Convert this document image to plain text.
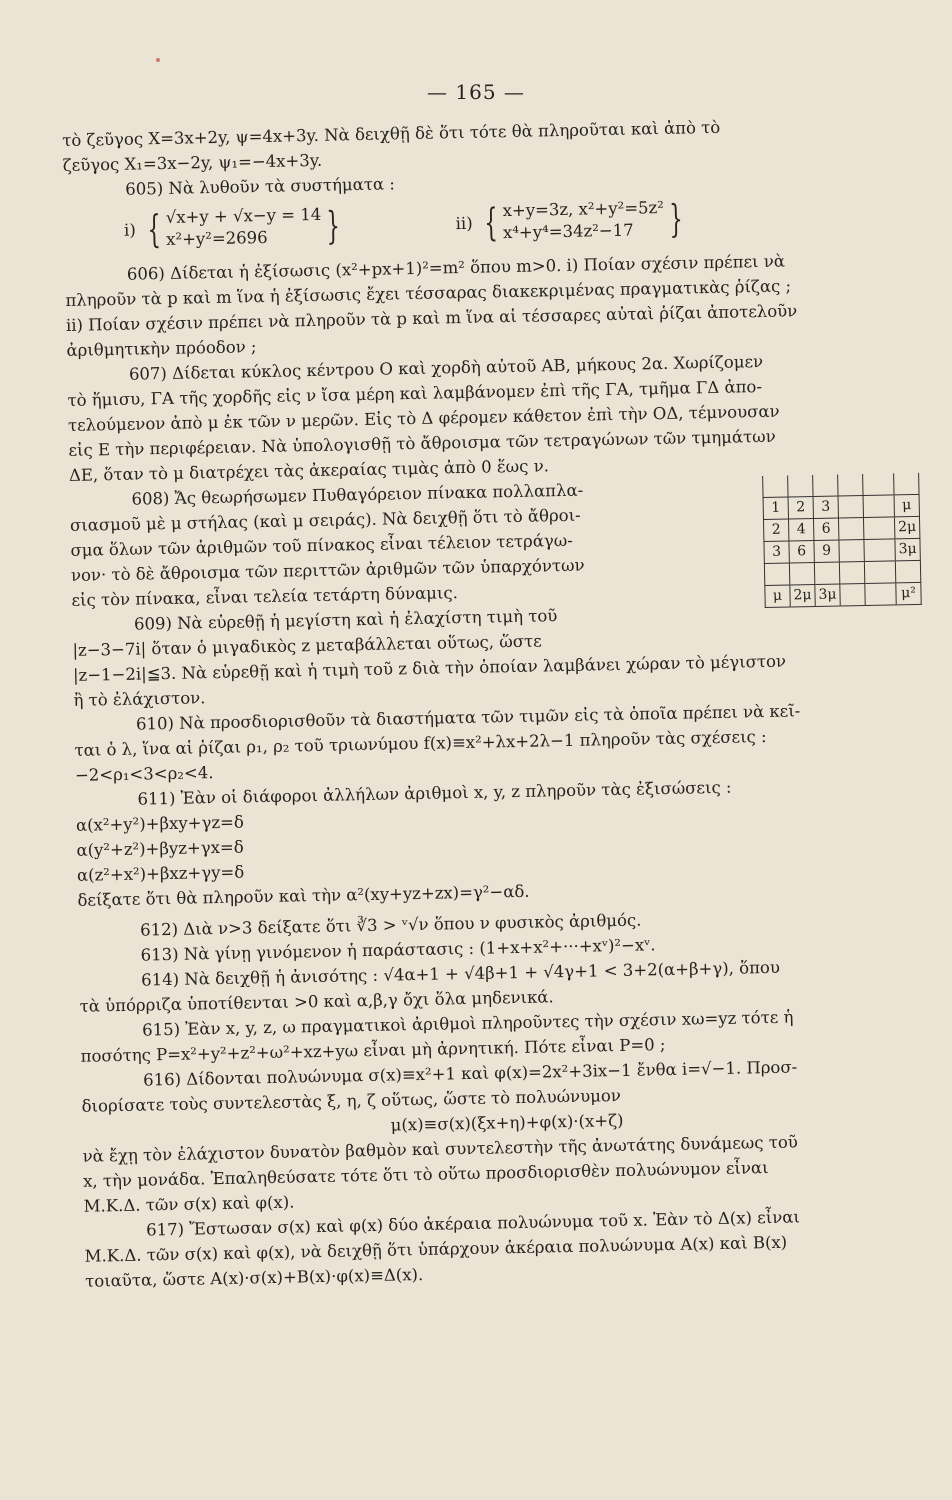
— 165 —

τὸ ζεῦγος Χ=3x+2y, ψ=4x+3y. Νὰ δειχθῇ δὲ ὅτι τότε θὰ πληροῦται καὶ ἀπὸ τὸ

ζεῦγος Χ₁=3x−2y, ψ₁=−4x+3y.

605) Νὰ λυθοῦν τὰ συστήματα :

i) { √x+y + √x−y = 14
x²+y²=2696	}	ii) { x+y=3z, x²+y²=5z²
x⁴+y⁴=34z²−17 }

606) Δίδεται ἡ ἐξίσωσις (x²+px+1)²=m² ὅπου m>0. i) Ποίαν σχέσιν πρέπει νὰ

πληροῦν τὰ p καὶ m ἵνα ἡ ἐξίσωσις ἔχει τέσσαρας διακεκριμένας πραγματικὰς ῥίζας ;

ii) Ποίαν σχέσιν πρέπει νὰ πληροῦν τὰ p καὶ m ἵνα αἱ τέσσαρες αὐταὶ ῥίζαι ἀποτελοῦν

ἀριθμητικὴν πρόοδον ;

607) Δίδεται κύκλος κέντρου Ο καὶ χορδὴ αὐτοῦ ΑΒ, μήκους 2α. Χωρίζομεν

τὸ ἥμισυ, ΓΑ τῆς χορδῆς εἰς ν ἴσα μέρη καὶ λαμβάνομεν ἐπὶ τῆς ΓΑ, τμῆμα ΓΔ ἀπο-

τελούμενον ἀπὸ μ ἐκ τῶν ν μερῶν. Εἰς τὸ Δ φέρομεν κάθετον ἐπὶ τὴν ΟΔ, τέμνουσαν

εἰς Ε τὴν περιφέρειαν. Νὰ ὑπολογισθῇ τὸ ἄθροισμα τῶν τετραγώνων τῶν τμημάτων

ΔΕ, ὅταν τὸ μ διατρέχει τὰς ἀκεραίας τιμὰς ἀπὸ 0 ἕως ν.

1	2	3			μ
2	4	6			2μ
3	6	9			3μ

μ	2μ	3μ			μ²

608) Ἄς θεωρήσωμεν Πυθαγόρειον πίνακα πολλαπλα-

σιασμοῦ μὲ μ στήλας (καὶ μ σειράς). Νὰ δειχθῇ ὅτι τὸ ἄθροι-

σμα ὅλων τῶν ἀριθμῶν τοῦ πίνακος εἶναι τέλειον τετράγω-

νον· τὸ δὲ ἄθροισμα τῶν περιττῶν ἀριθμῶν τῶν ὑπαρχόντων

εἰς τὸν πίνακα, εἶναι τελεία τετάρτη δύναμις.

609) Νὰ εὑρεθῇ ἡ μεγίστη καὶ ἡ ἐλαχίστη τιμὴ τοῦ

|z−3−7i| ὅταν ὁ μιγαδικὸς z μεταβάλλεται οὕτως, ὥστε

|z−1−2i|≦3. Νὰ εὑρεθῇ καὶ ἡ τιμὴ τοῦ z διὰ τὴν ὁποίαν λαμβάνει χώραν τὸ μέγιστον

ἢ τὸ ἐλάχιστον.

610) Νὰ προσδιορισθοῦν τὰ διαστήματα τῶν τιμῶν εἰς τὰ ὁποῖα πρέπει νὰ κεῖ-

ται ὁ λ, ἵνα αἱ ῥίζαι ρ₁, ρ₂ τοῦ τριωνύμου f(x)≡x²+λx+2λ−1 πληροῦν τὰς σχέσεις :

−2<ρ₁<3<ρ₂<4.

611) Ἐὰν οἱ διάφοροι ἀλλήλων ἀριθμοὶ x, y, z πληροῦν τὰς ἐξισώσεις :

α(x²+y²)+βxy+γz=δ

α(y²+z²)+βyz+γx=δ

α(z²+x²)+βxz+γy=δ

δείξατε ὅτι θὰ πληροῦν καὶ τὴν α²(xy+yz+zx)=γ²−αδ.

612) Διὰ ν>3 δείξατε ὅτι ∛3 > ᵛ√ν ὅπου ν φυσικὸς ἀριθμός.

613) Νὰ γίνῃ γινόμενον ἡ παράστασις : (1+x+x²+···+xᵛ)²−xᵛ.

614) Νὰ δειχθῇ ἡ ἀνισότης : √4α+1 + √4β+1 + √4γ+1 < 3+2(α+β+γ), ὅπου

τὰ ὑπόρριζα ὑποτίθενται >0 καὶ α,β,γ ὄχι ὅλα μηδενικά.

615) Ἐὰν x, y, z, ω πραγματικοὶ ἀριθμοὶ πληροῦντες τὴν σχέσιν xω=yz τότε ἡ

ποσότης P=x²+y²+z²+ω²+xz+yω εἶναι μὴ ἀρνητική. Πότε εἶναι P=0 ;

616) Δίδονται πολυώνυμα σ(x)≡x²+1 καὶ φ(x)=2x²+3ix−1 ἔνθα i=√−1. Προσ-

διορίσατε τοὺς συντελεστὰς ξ, η, ζ οὕτως, ὥστε τὸ πολυώνυμον

μ(x)≡σ(x)(ξx+η)+φ(x)·(x+ζ)

νὰ ἔχῃ τὸν ἐλάχιστον δυνατὸν βαθμὸν καὶ συντελεστὴν τῆς ἀνωτάτης δυνάμεως τοῦ

x, τὴν μονάδα. Ἐπαληθεύσατε τότε ὅτι τὸ οὕτω προσδιορισθὲν πολυώνυμον εἶναι

Μ.Κ.Δ. τῶν σ(x) καὶ φ(x).

617) Ἔστωσαν σ(x) καὶ φ(x) δύο ἀκέραια πολυώνυμα τοῦ x. Ἐὰν τὸ Δ(x) εἶναι

Μ.Κ.Δ. τῶν σ(x) καὶ φ(x), νὰ δειχθῇ ὅτι ὑπάρχουν ἀκέραια πολυώνυμα Α(x) καὶ Β(x)

τοιαῦτα, ὥστε Α(x)·σ(x)+Β(x)·φ(x)≡Δ(x).
